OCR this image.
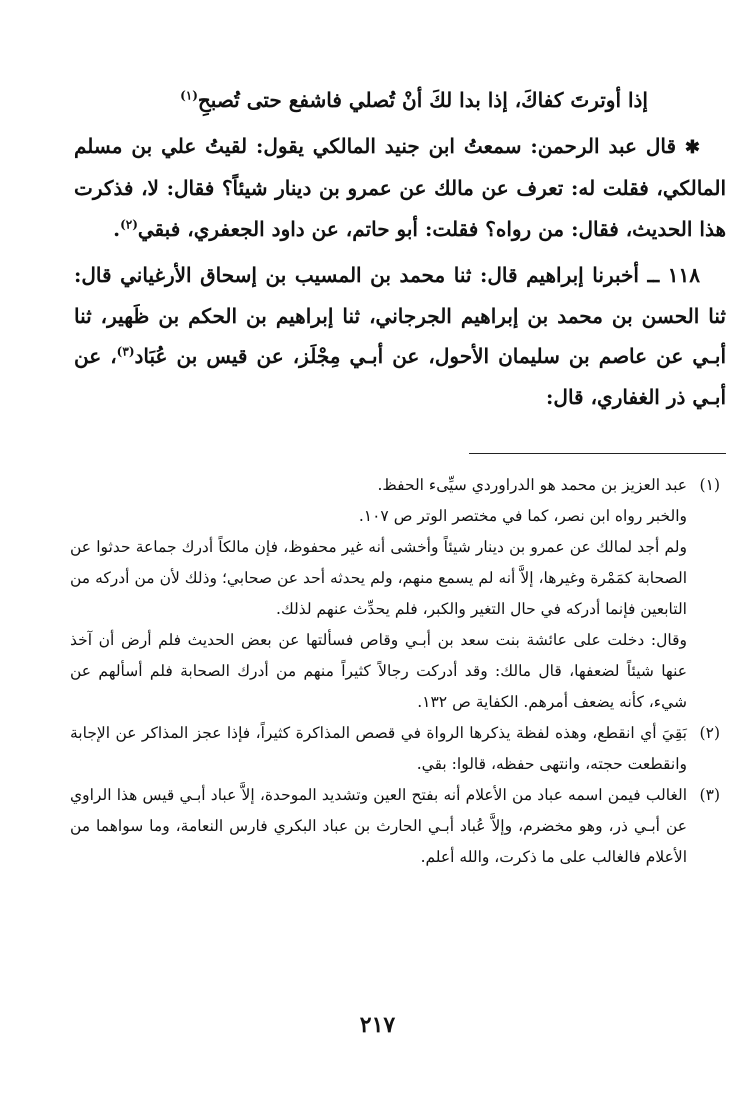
إذا أوترتَ كفاكَ، إذا بدا لكَ أنْ تُصلي فاشفع حتى تُصبحِ$^{(١)}$

✱ قال عبد الرحمن: سمعتُ ابن جنيد المالكي يقول: لقيتُ علي بن مسلم المالكي، فقلت له: تعرف عن مالك عن عمرو بن دينار شيئاً؟ فقال: لا، فذكرت هذا الحديث، فقال: من رواه؟ فقلت: أبو حاتم، عن داود الجعفري، فبقي$^{(٢)}$.

١١٨ ــ أخبرنا إبراهيم قال: ثنا محمد بن المسيب بن إسحاق الأرغياني قال: ثنا الحسن بن محمد بن إبراهيم الجرجاني، ثنا إبراهيم بن الحكم بن ظَهير، ثنا أبـي عن عاصم بن سليمان الأحول، عن أبـي مِجْلَز، عن قيس بن عُبَاد$^{(٣)}$، عن أبـي ذر الغفاري، قال:

(١)

عبد العزيز بن محمد هو الدراوردي سيِّىء الحفظ.

والخبر رواه ابن نصر، كما في مختصر الوتر ص ١٠٧.

ولم أجد لمالك عن عمرو بن دينار شيئاً وأخشى أنه غير محفوظ، فإن مالكاً أدرك جماعة حدثوا عن الصحابة كمَمْرة وغيرها، إلاَّ أنه لم يسمع منهم، ولم يحدثه أحد عن صحابي؛ وذلك لأن من أدركه من التابعين فإنما أدركه في حال التغير والكبر، فلم يحدِّث عنهم لذلك.

وقال: دخلت على عائشة بنت سعد بن أبـي وقاص فسألتها عن بعض الحديث فلم أرض أن آخذ عنها شيئاً لضعفها، قال مالك: وقد أدركت رجالاً كثيراً منهم من أدرك الصحابة فلم أسألهم عن شيء، كأنه يضعف أمرهم. الكفاية ص ١٣٢.

(٢)

بَقِيَ أي انقطع، وهذه لفظة يذكرها الرواة في قصص المذاكرة كثيراً، فإذا عجز المذاكر عن الإجابة وانقطعت حجته، وانتهى حفظه، قالوا: بقي.

(٣)

الغالب فيمن اسمه عباد من الأعلام أنه بفتح العين وتشديد الموحدة، إلاَّ عباد أبـي قيس هذا الراوي عن أبـي ذر، وهو مخضرم، وإلاَّ عُباد أبـي الحارث بن عباد البكري فارس النعامة، وما سواهما من الأعلام فالغالب على ما ذكرت، والله أعلم.

٢١٧
